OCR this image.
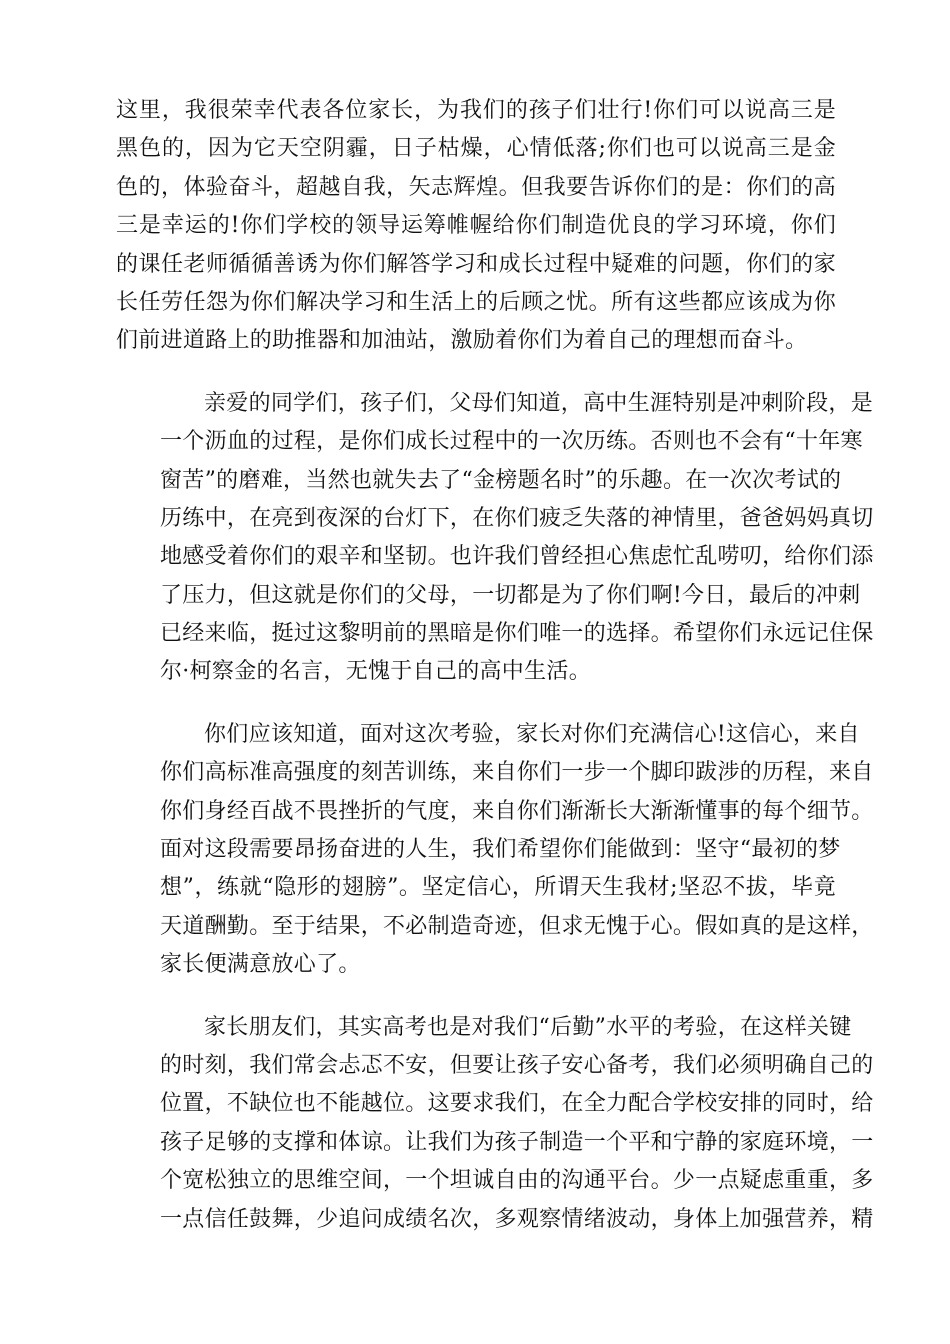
这里，我很荣幸代表各位家长，为我们的孩子们壮行!你们可以说高三是
黑色的，因为它天空阴霾，日子枯燥，心情低落;你们也可以说高三是金
色的，体验奋斗，超越自我，矢志辉煌。但我要告诉你们的是：你们的高
三是幸运的!你们学校的领导运筹帷幄给你们制造优良的学习环境，你们
的课任老师循循善诱为你们解答学习和成长过程中疑难的问题，你们的家
长任劳任怨为你们解决学习和生活上的后顾之忧。所有这些都应该成为你
们前进道路上的助推器和加油站，激励着你们为着自己的理想而奋斗。
亲爱的同学们，孩子们，父母们知道，高中生涯特别是冲刺阶段，是
一个沥血的过程，是你们成长过程中的一次历练。否则也不会有“十年寒
窗苦”的磨难，当然也就失去了“金榜题名时”的乐趣。在一次次考试的
历练中，在亮到夜深的台灯下，在你们疲乏失落的神情里，爸爸妈妈真切
地感受着你们的艰辛和坚韧。也许我们曾经担心焦虑忙乱唠叨，给你们添
了压力，但这就是你们的父母，一切都是为了你们啊!今日，最后的冲刺
已经来临，挺过这黎明前的黑暗是你们唯一的选择。希望你们永远记住保
尔·柯察金的名言，无愧于自己的高中生活。
你们应该知道，面对这次考验，家长对你们充满信心!这信心，来自
你们高标准高强度的刻苦训练，来自你们一步一个脚印跋涉的历程，来自
你们身经百战不畏挫折的气度，来自你们渐渐长大渐渐懂事的每个细节。
面对这段需要昂扬奋进的人生，我们希望你们能做到：坚守“最初的梦
想”，练就“隐形的翅膀”。坚定信心，所谓天生我材;坚忍不拔，毕竟
天道酬勤。至于结果，不必制造奇迹，但求无愧于心。假如真的是这样，
家长便满意放心了。
家长朋友们，其实高考也是对我们“后勤”水平的考验，在这样关键
的时刻，我们常会忐忑不安，但要让孩子安心备考，我们必须明确自己的
位置，不缺位也不能越位。这要求我们，在全力配合学校安排的同时，给
孩子足够的支撑和体谅。让我们为孩子制造一个平和宁静的家庭环境，一
个宽松独立的思维空间，一个坦诚自由的沟通平台。少一点疑虑重重，多
一点信任鼓舞，少追问成绩名次，多观察情绪波动，身体上加强营养，精
